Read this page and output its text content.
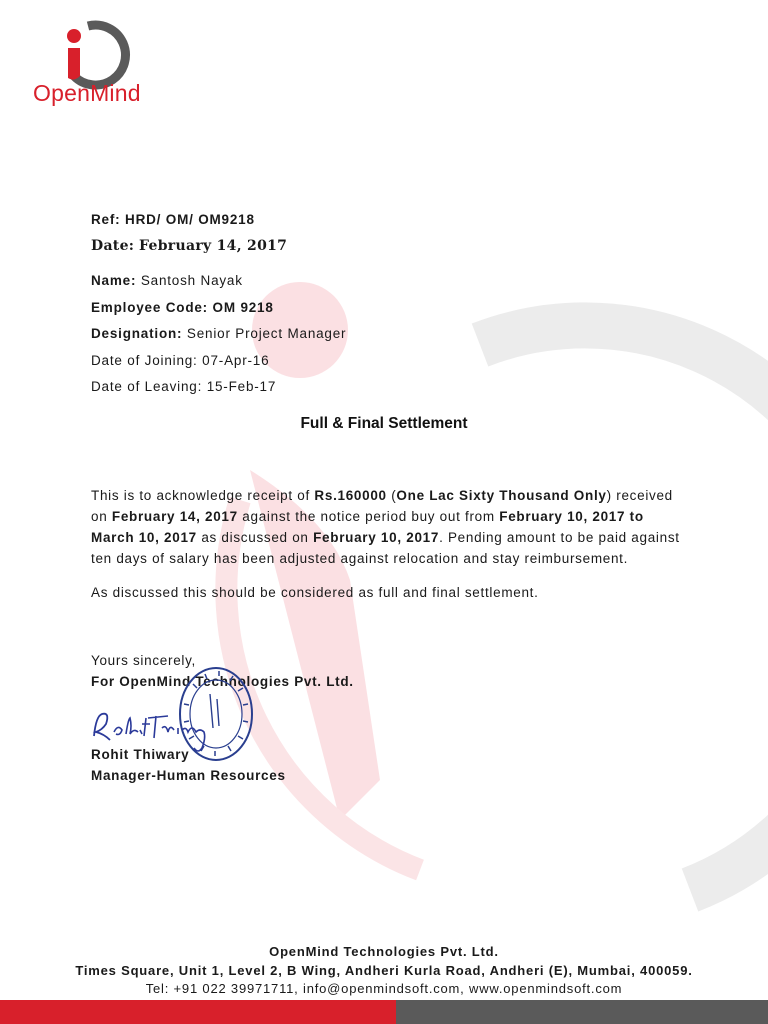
OpenMind
Ref: HRD/ OM/ OM9218
Date: February 14, 2017
Name: Santosh Nayak
Employee Code: OM 9218
Designation: Senior Project Manager
Date of Joining: 07-Apr-16
Date of Leaving: 15-Feb-17
Full & Final Settlement
This is to acknowledge receipt of Rs.160000 (One Lac Sixty Thousand Only) received on February 14, 2017 against the notice period buy out from February 10, 2017 to March 10, 2017 as discussed on February 10, 2017. Pending amount to be paid against ten days of salary has been adjusted against relocation and stay reimbursement.
As discussed this should be considered as full and final settlement.
Yours sincerely,
For OpenMind Technologies Pvt. Ltd.
Rohit Thiwary
Manager-Human Resources
OpenMind Technologies Pvt. Ltd.
Times Square, Unit 1, Level 2, B Wing, Andheri Kurla Road, Andheri (E), Mumbai, 400059.
Tel: +91 022 39971711, info@openmindsoft.com, www.openmindsoft.com
